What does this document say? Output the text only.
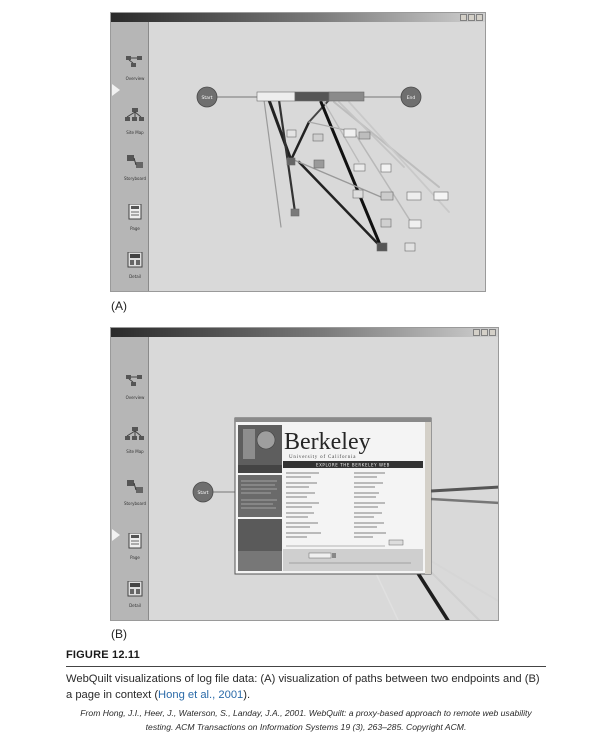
Overview
Site Map
Storyboard
Page
Detail
Start	End
(A)
Overview
Site Map
Storyboard
Page
Detail
Start
Berkeley
University of California
EXPLORE THE BERKELEY WEB
(B)
FIGURE 12.11
WebQuilt visualizations of log file data: (A) visualization of paths between two endpoints and (B) a page in context (Hong et al., 2001).
From Hong, J.I., Heer, J., Waterson, S., Landay, J.A., 2001. WebQuilt: a proxy-based approach to remote web usability testing. ACM Transactions on Information Systems 19 (3), 263–285. Copyright ACM.
